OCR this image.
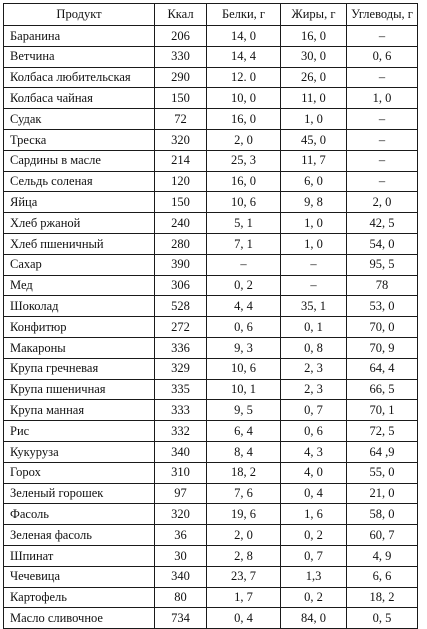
Продукт	Ккал	Белки, г	Жиры, г	Углеводы, г
Баранина	206	14, 0	16, 0	–
Ветчина	330	14, 4	30, 0	0, 6
Колбаса любительская	290	12. 0	26, 0	–
Колбаса чайная	150	10, 0	11, 0	1, 0
Судак	72	16, 0	1, 0	–
Треска	320	2, 0	45, 0	–
Сардины в масле	214	25, 3	11, 7	–
Сельдь соленая	120	16, 0	6, 0	–
Яйца	150	10, 6	9, 8	2, 0
Хлеб ржаной	240	5, 1	1, 0	42, 5
Хлеб пшеничный	280	7, 1	1, 0	54, 0
Сахар	390	–	–	95, 5
Мед	306	0, 2	–	78
Шоколад	528	4, 4	35, 1	53, 0
Конфитюр	272	0, 6	0, 1	70, 0
Макароны	336	9, 3	0, 8	70, 9
Крупа гречневая	329	10, 6	2, 3	64, 4
Крупа пшеничная	335	10, 1	2, 3	66, 5
Крупа манная	333	9, 5	0, 7	70, 1
Рис	332	6, 4	0, 6	72, 5
Кукуруза	340	8, 4	4, 3	64 ,9
Горох	310	18, 2	4, 0	55, 0
Зеленый горошек	97	7, 6	0, 4	21, 0
Фасоль	320	19, 6	1, 6	58, 0
Зеленая фасоль	36	2, 0	0, 2	60, 7
Шпинат	30	2, 8	0, 7	4, 9
Чечевица	340	23, 7	1,3	6, 6
Картофель	80	1, 7	0, 2	18, 2
Масло сливочное	734	0, 4	84, 0	0, 5
